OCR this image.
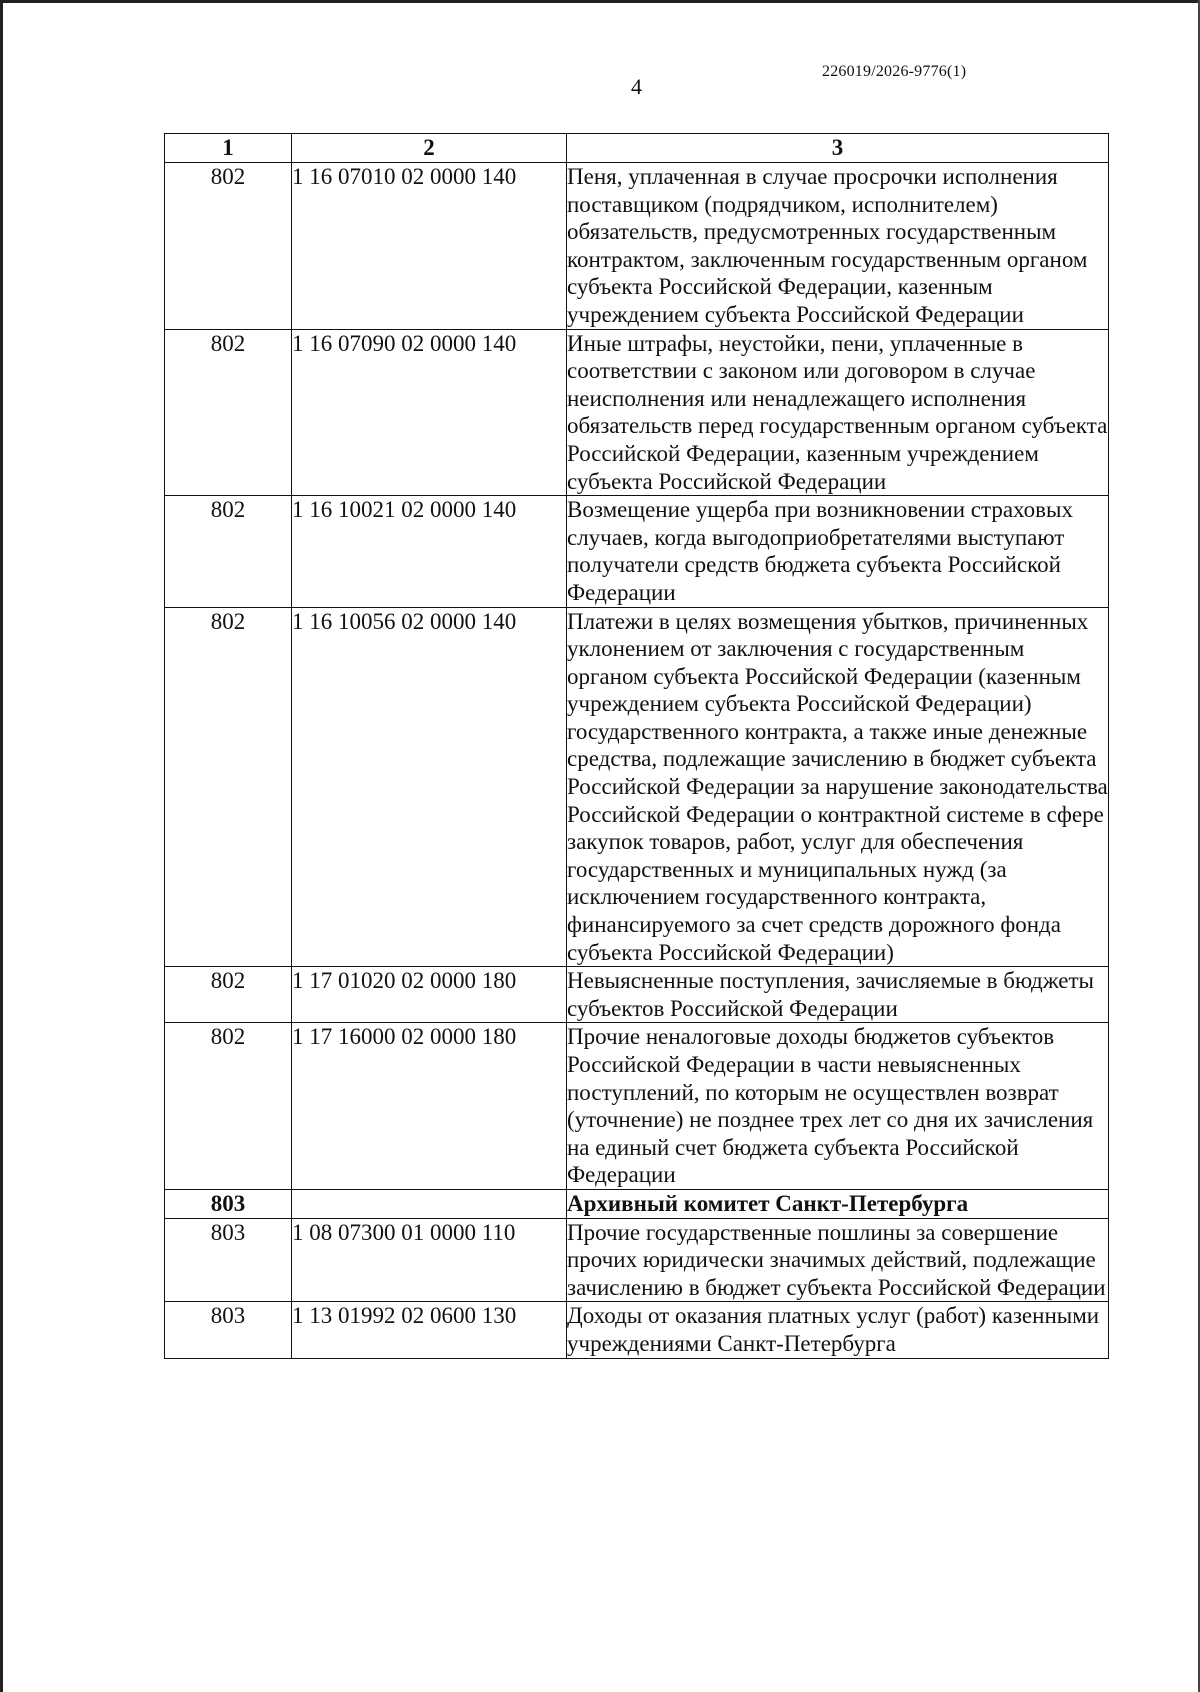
226019/2026-9776(1)
4
1	2	3
802	1 16 07010 02 0000 140	Пеня, уплаченная в случае просрочки исполнения поставщиком (подрядчиком, исполнителем) обязательств, предусмотренных государственным контрактом, заключенным государственным органом субъекта Российской Федерации, казенным учреждением субъекта Российской Федерации
802	1 16 07090 02 0000 140	Иные штрафы, неустойки, пени, уплаченные в соответствии с законом или договором в случае неисполнения или ненадлежащего исполнения обязательств перед государственным органом субъекта Российской Федерации, казенным учреждением субъекта Российской Федерации
802	1 16 10021 02 0000 140	Возмещение ущерба при возникновении страховых случаев, когда выгодоприобретателями выступают получатели средств бюджета субъекта Российской Федерации
802	1 16 10056 02 0000 140	Платежи в целях возмещения убытков, причиненных уклонением от заключения с государственным органом субъекта Российской Федерации (казенным учреждением субъекта Российской Федерации) государственного контракта, а также иные денежные средства, подлежащие зачислению в бюджет субъекта Российской Федерации за нарушение законодательства Российской Федерации о контрактной системе в сфере закупок товаров, работ, услуг для обеспечения государственных и муниципальных нужд (за исключением государственного контракта, финансируемого за счет средств дорожного фонда субъекта Российской Федерации)
802	1 17 01020 02 0000 180	Невыясненные поступления, зачисляемые в бюджеты субъектов Российской Федерации
802	1 17 16000 02 0000 180	Прочие неналоговые доходы бюджетов субъектов Российской Федерации в части невыясненных поступлений, по которым не осуществлен возврат (уточнение) не позднее трех лет со дня их зачисления на единый счет бюджета субъекта Российской Федерации
803		Архивный комитет Санкт-Петербурга
803	1 08 07300 01 0000 110	Прочие государственные пошлины за совершение прочих юридически значимых действий, подлежащие зачислению в бюджет субъекта Российской Федерации
803	1 13 01992 02 0600 130	Доходы от оказания платных услуг (работ) казенными учреждениями Санкт-Петербурга
